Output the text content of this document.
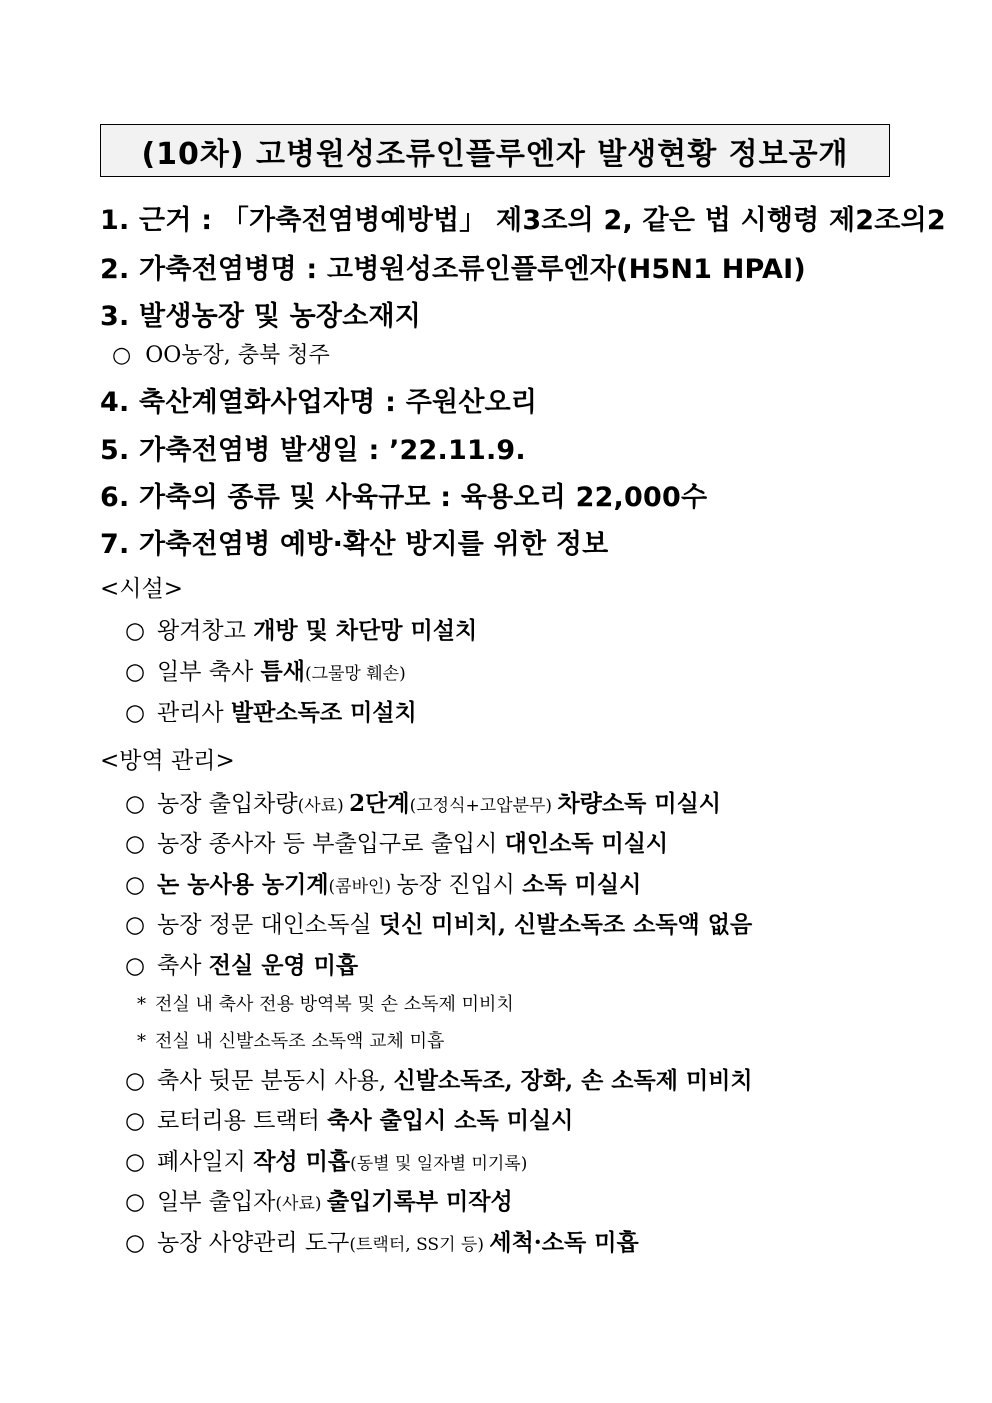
(10차) 고병원성조류인플루엔자 발생현황 정보공개
1. 근거 : 「가축전염병예방법」 제3조의 2, 같은 법 시행령 제2조의2
2. 가축전염병명 : 고병원성조류인플루엔자(H5N1 HPAI)
3. 발생농장 및 농장소재지
○ OO농장, 충북 청주
4. 축산계열화사업자명 : 주원산오리
5. 가축전염병 발생일 : ’22.11.9.
6. 가축의 종류 및 사육규모 : 육용오리 22,000수
7. 가축전염병 예방·확산 방지를 위한 정보
<시설>
○ 왕겨창고 개방 및 차단망 미설치
○ 일부 축사 틈새(그물망 훼손)
○ 관리사 발판소독조 미설치
<방역 관리>
○ 농장 출입차량(사료) 2단계(고정식+고압분무) 차량소독 미실시
○ 농장 종사자 등 부출입구로 출입시 대인소독 미실시
○ 논 농사용 농기계(콤바인) 농장 진입시 소독 미실시
○ 농장 정문 대인소독실 덧신 미비치, 신발소독조 소독액 없음
○ 축사 전실 운영 미흡
* 전실 내 축사 전용 방역복 및 손 소독제 미비치
* 전실 내 신발소독조 소독액 교체 미흡
○ 축사 뒷문 분동시 사용, 신발소독조, 장화, 손 소독제 미비치
○ 로터리용 트랙터 축사 출입시 소독 미실시
○ 폐사일지 작성 미흡(동별 및 일자별 미기록)
○ 일부 출입자(사료) 출입기록부 미작성
○ 농장 사양관리 도구(트랙터, SS기 등) 세척·소독 미흡
